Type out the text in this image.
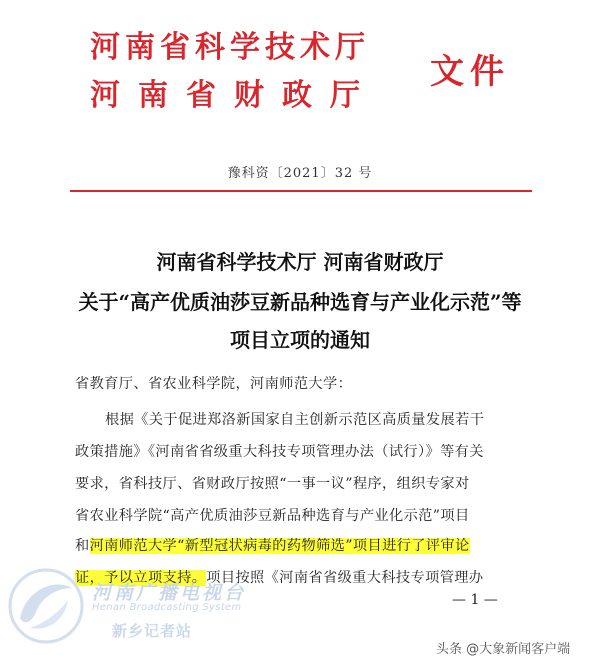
河南省科学技术厅
河南省财政厅
文件
豫科资〔2021〕32 号
河南省科学技术厅 河南省财政厅
关于“高产优质油莎豆新品种选育与产业化示范”等
项目立项的通知
省教育厅、省农业科学院，河南师范大学：
根据《关于促进郑洛新国家自主创新示范区高质量发展若干
政策措施》《河南省省级重大科技专项管理办法（试行）》等有关
要求，省科技厅、省财政厅按照“一事一议”程序，组织专家对
省农业科学院“高产优质油莎豆新品种选育与产业化示范”项目
和河南师范大学“新型冠状病毒的药物筛选”项目进行了评审论
证，予以立项支持。项目按照《河南省省级重大科技专项管理办
— 1 —
河南广播电视台
Henan Broadcasting System
新乡记者站
头条 @大象新闻客户端
